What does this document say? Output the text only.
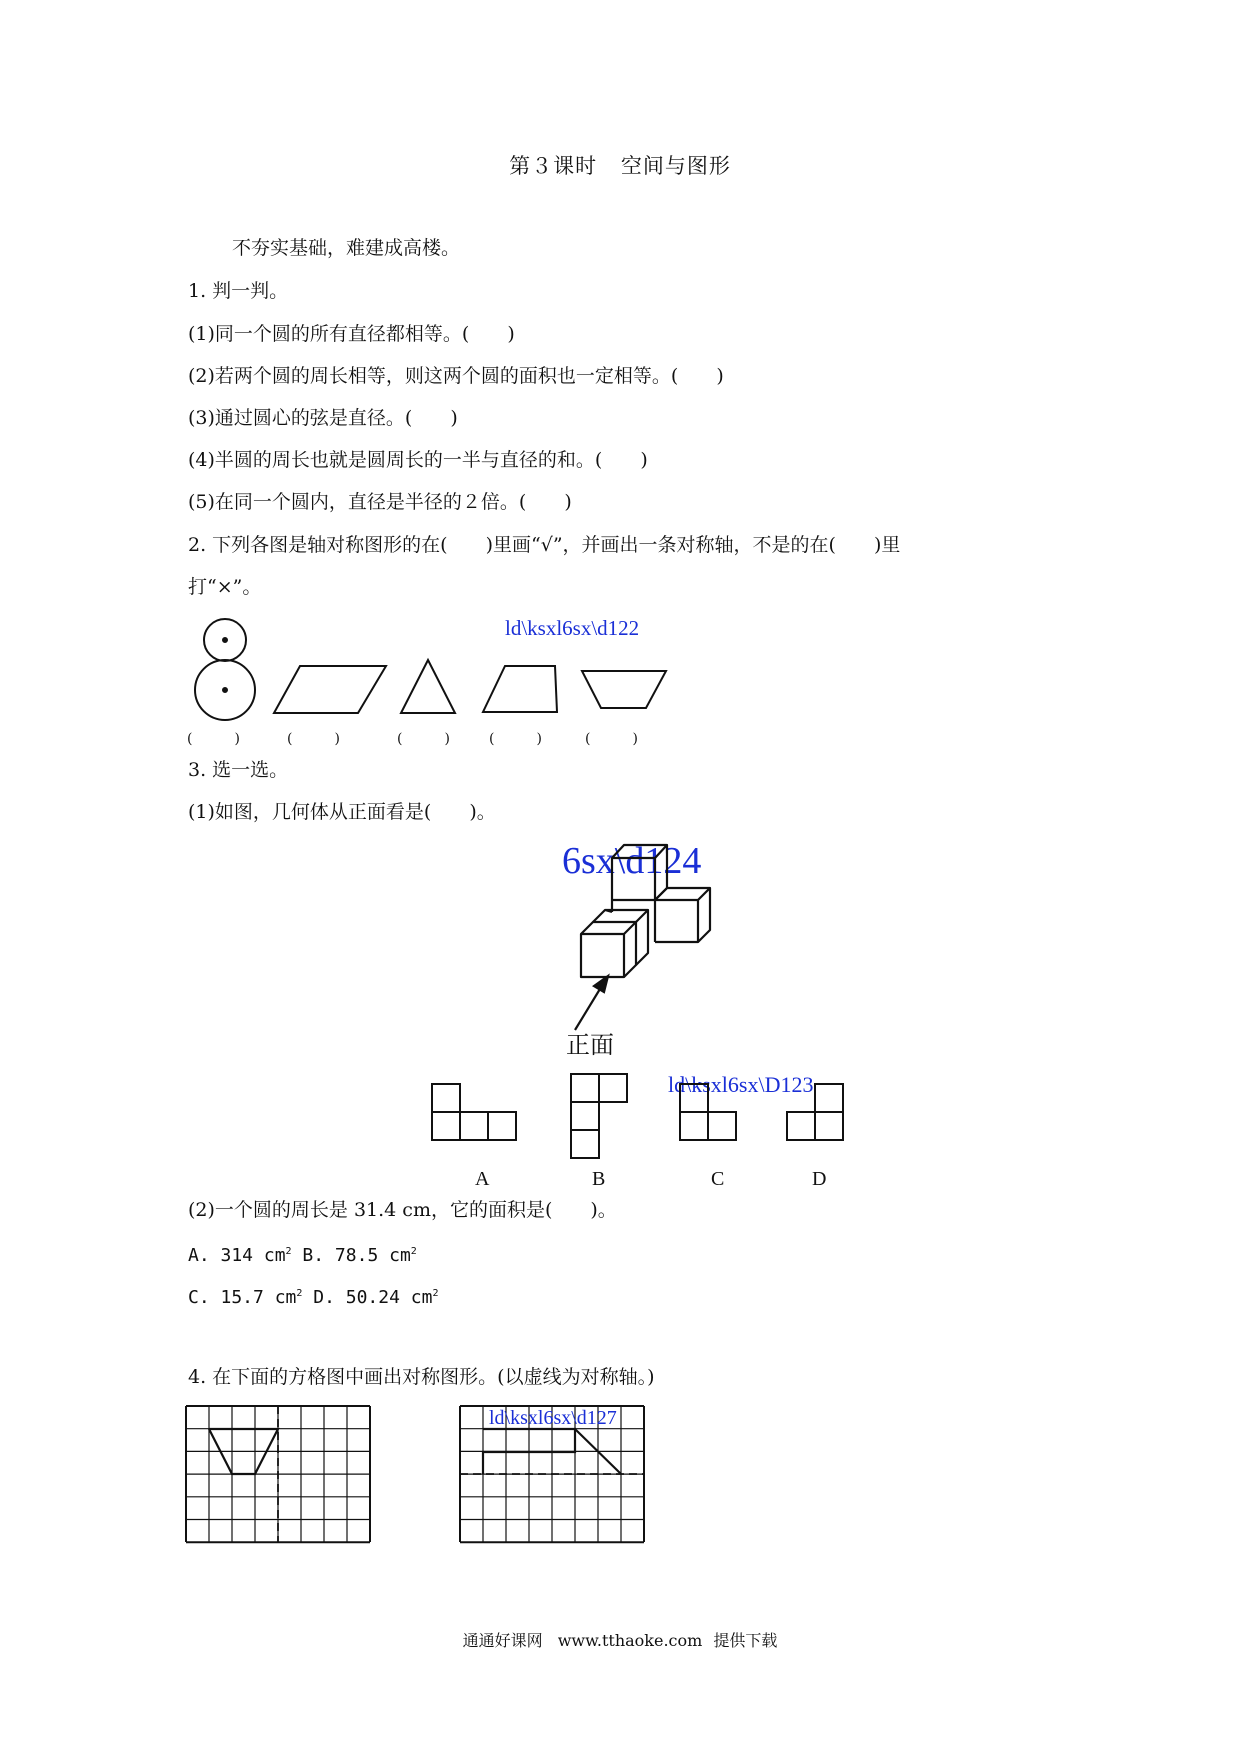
第３课时 空间与图形
不夯实基础，难建成高楼。
1. 判一判。
(1)同一个圆的所有直径都相等。(　　)
(2)若两个圆的周长相等，则这两个圆的面积也一定相等。(　　)
(3)通过圆心的弦是直径。(　　)
(4)半圆的周长也就是圆周长的一半与直径的和。(　　)
(5)在同一个圆内，直径是半径的２倍。(　　)
2. 下列各图是轴对称图形的在(　　)里画“√”，并画出一条对称轴，不是的在(　　)里
打“×”。
ld\ksxl6sx\d122
(　　　)	(　　　)	(　　　)	(　　　)	(　　　)
3. 选一选。
(1)如图，几何体从正面看是(　　)。
6sx\d124
正面
ld\ksxl6sx\D123
A	B	C	D
(2)一个圆的周长是 31.4 cm，它的面积是(　　)。
A. 314 $cm^2$ B. 78.5 $cm^2$
C. 15.7 $cm^2$ D. 50.24 $cm^2$
4. 在下面的方格图中画出对称图形。(以虚线为对称轴。)
ld\ksxl6sx\d127
通通好课网 www.tthaoke.com 提供下载
